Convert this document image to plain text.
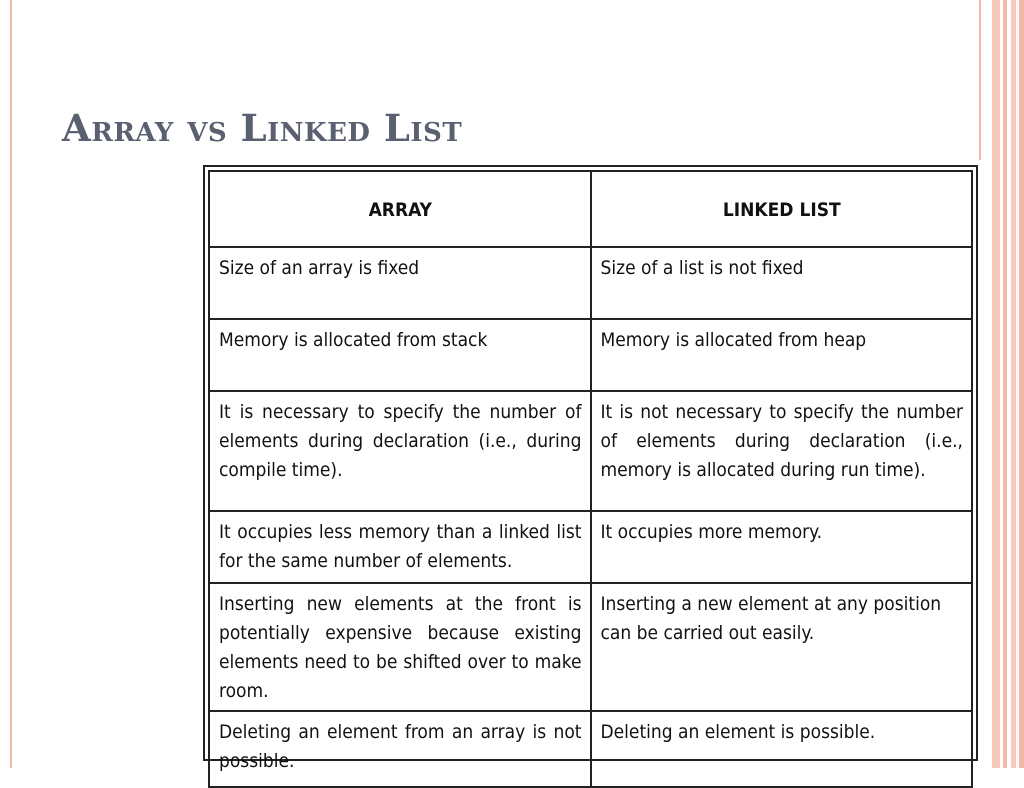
Array vs Linked List
ARRAY	LINKED LIST
Size of an array is fixed	Size of a list is not fixed
Memory is allocated from stack	Memory is allocated from heap
It is necessary to specify the number of elements during declaration (i.e., during compile time).	It is not necessary to specify the number of elements during declaration (i.e., memory is allocated during run time).
It occupies less memory than a linked list for the same number of elements.	It occupies more memory.
Inserting new elements at the front is potentially expensive because existing elements need to be shifted over to make room.	Inserting a new element at any position can be carried out easily.
Deleting an element from an array is not possible.	Deleting an element is possible.
